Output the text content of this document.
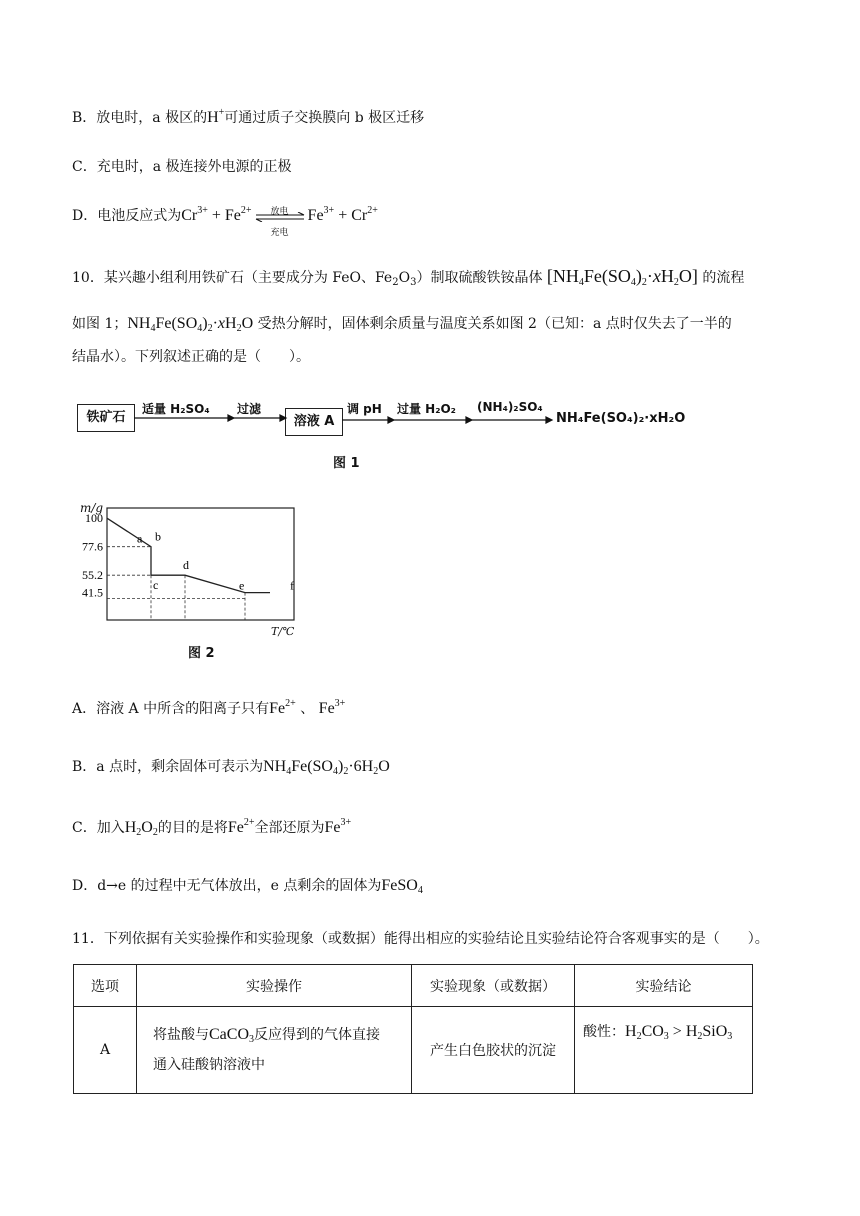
B．放电时，a 极区的H+可通过质子交换膜向 b 极区迁移
C．充电时，a 极连接外电源的正极
D．电池反应式为$Cr^{3+} + Fe^{2+}$	放电
充电
$Fe^{3+} + Cr^{2+}$
10．某兴趣小组利用铁矿石（主要成分为 FeO、$Fe_2O_3$）制取硫酸铁铵晶体 $[NH_4Fe(SO_4)_2\cdot xH_2O]$ 的流程
如图 1；$NH_4Fe(SO_4)_2\cdot xH_2O$ 受热分解时，固体剩余质量与温度关系如图 2（已知：a 点时仅失去了一半的
结晶水）。下列叙述正确的是（　　）。
铁矿石
适量 H₂SO₄ 过滤
溶液 A
调 pH 过量 H₂O₂ (NH₄)₂SO₄
NH₄Fe(SO₄)₂·xH₂O
图 1
100
77.6
55.2
41.5
a b
c
d
e	f
m/g
T/℃
图 2
A．溶液 A 中所含的阳离子只有$Fe^{2+}$ 、 $Fe^{3+}$
B．a 点时，剩余固体可表示为$NH_4Fe(SO_4)_2\cdot 6H_2O$
C．加入$H_2O_2$的目的是将$Fe^{2+}$全部还原为$Fe^{3+}$
D．d→e 的过程中无气体放出，e 点剩余的固体为FeSO$_4$
11．下列依据有关实验操作和实验现象（或数据）能得出相应的实验结论且实验结论符合客观事实的是（　　）。
选项	实验操作	实验现象（或数据）	实验结论
A	将盐酸与CaCO$_3$反应得到的气体直接
通入硅酸钠溶液中	产生白色胶状的沉淀	酸性：$H_2CO_3 > H_2SiO_3$
